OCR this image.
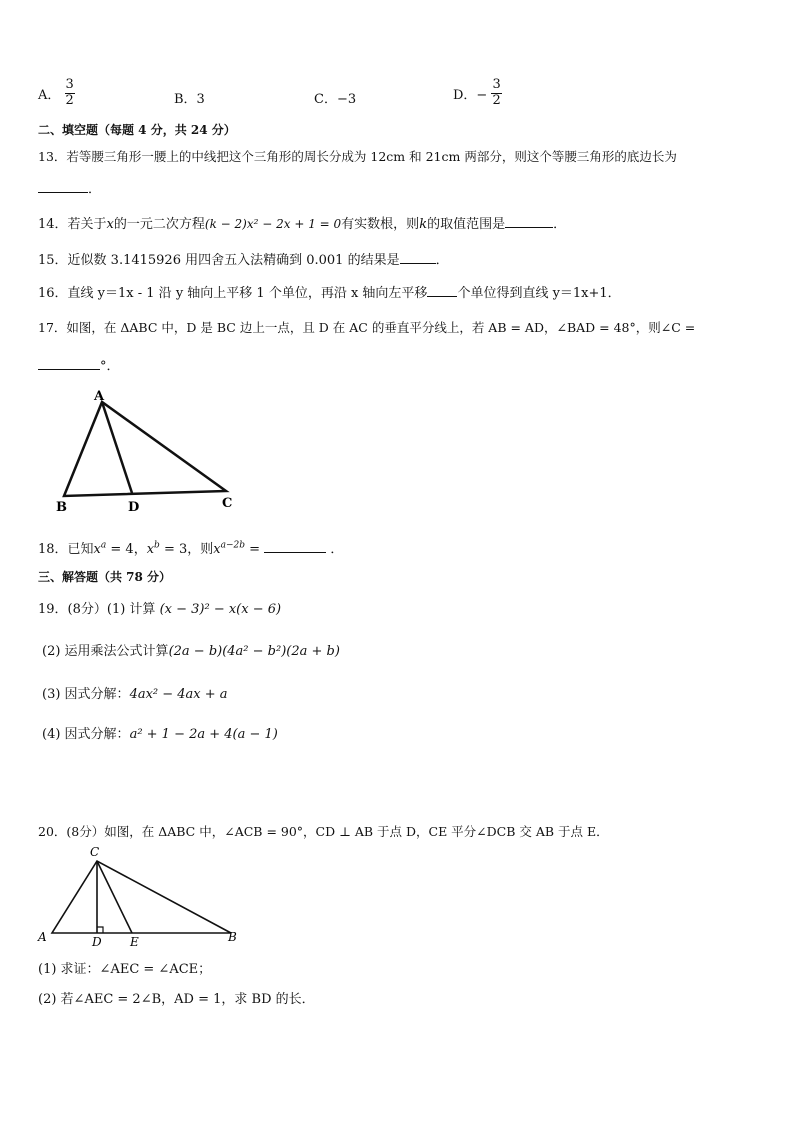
A． $\frac{3}{2}$	B．3	C．−3	D．− $\frac{3}{2}$
二、填空题（每题 4 分，共 24 分）
13．若等腰三角形一腰上的中线把这个三角形的周长分成为 12cm 和 21cm 两部分，则这个等腰三角形的底边长为
．
14．若关于x的一元二次方程(k − 2)x² − 2x + 1 = 0有实数根，则k的取值范围是	．
15．近似数 3.1415926 用四舍五入法精确到 0.001 的结果是	．
16．直线 y＝1x - 1 沿 y 轴向上平移 1 个单位，再沿 x 轴向左平移 个单位得到直线 y＝1x+1．
17．如图，在 ΔABC 中，D 是 BC 边上一点，且 D 在 AC 的垂直平分线上，若 AB = AD，∠BAD = 48°，则∠C =
°．
A
B	D	C
18．已知$x^a = 4$，$x^b = 3$，则$x^{a-2b}$ =	．
三、解答题（共 78 分）
19．(8分）(1) 计算 (x − 3)² − x(x − 6)
(2) 运用乘法公式计算(2a − b)(4a² − b²)(2a + b)
(3) 因式分解：4ax² − 4ax + a
(4) 因式分解：a² + 1 − 2a + 4(a − 1)
20．(8分）如图，在 ΔABC 中，∠ACB = 90°，CD ⊥ AB 于点 D，CE 平分∠DCB 交 AB 于点 E．
C
A	D E	B
(1) 求证：∠AEC = ∠ACE；
(2) 若∠AEC = 2∠B，AD = 1，求 BD 的长．
